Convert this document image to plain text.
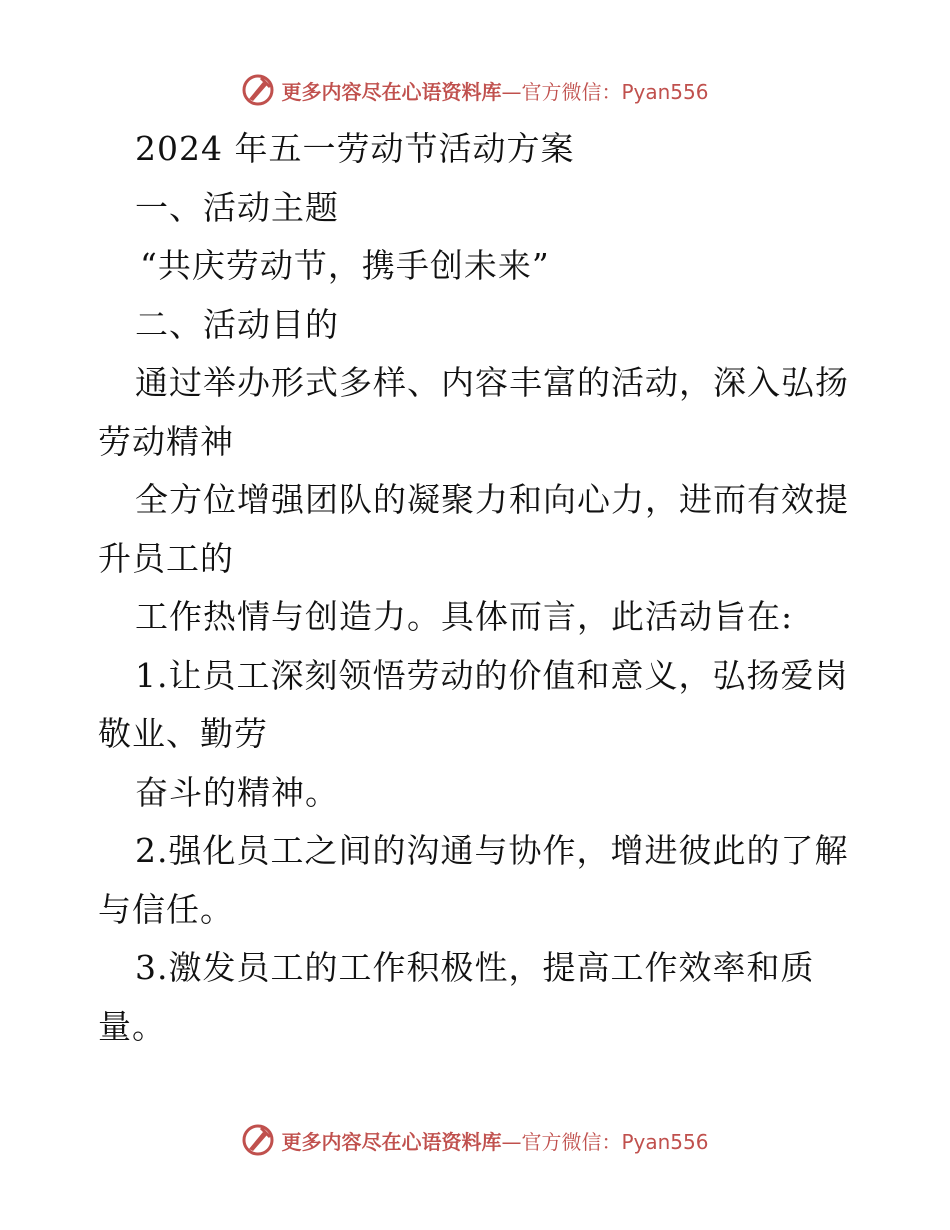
更多内容尽在心语资料库—官方微信：Pyan556
2024 年五一劳动节活动方案
一、活动主题
“共庆劳动节，携手创未来”
二、活动目的
通过举办形式多样、内容丰富的活动，深入弘扬
劳动精神
全方位增强团队的凝聚力和向心力，进而有效提
升员工的
工作热情与创造力。具体而言，此活动旨在:
1.让员工深刻领悟劳动的价值和意义，弘扬爱岗
敬业、勤劳
奋斗的精神。
2.强化员工之间的沟通与协作，增进彼此的了解
与信任。
3.激发员工的工作积极性，提高工作效率和质
量。
更多内容尽在心语资料库—官方微信：Pyan556
